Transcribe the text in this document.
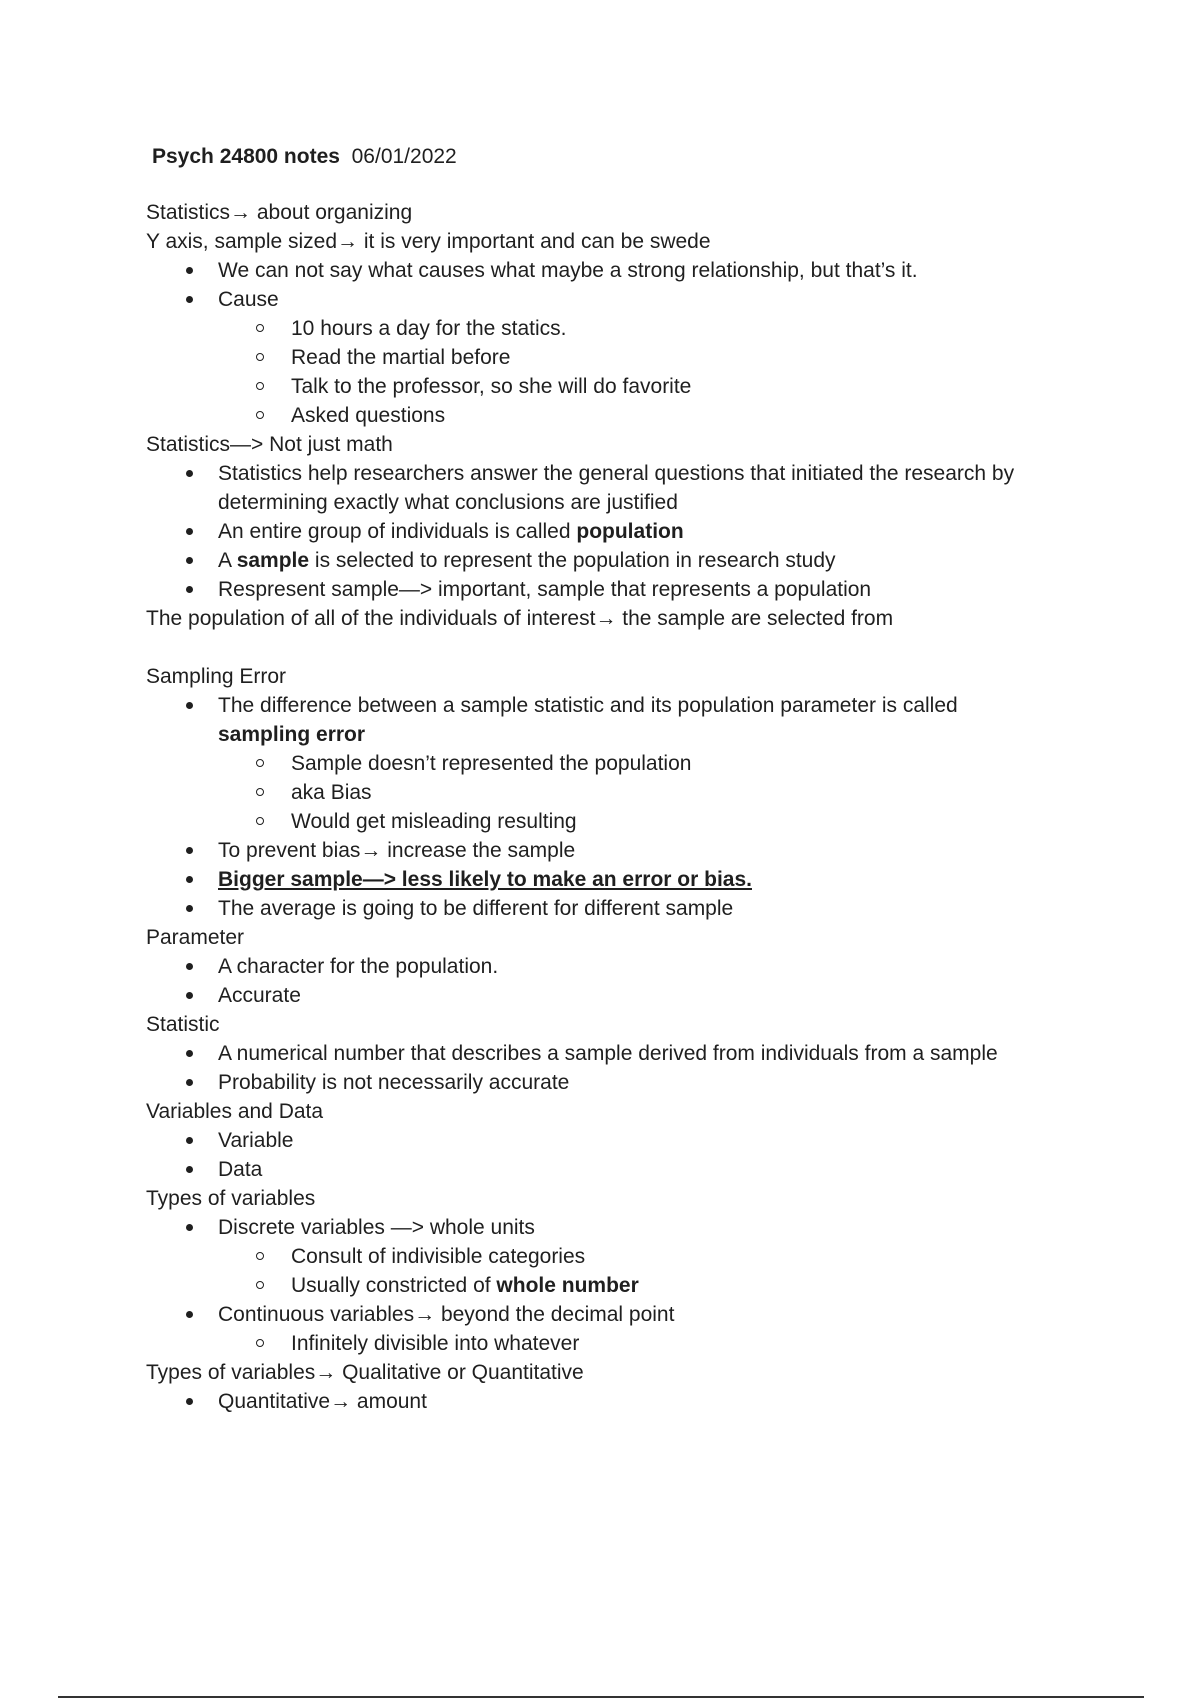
Psych 24800 notes 06/01/2022

Statistics→ about organizing

Y axis, sample sized→ it is very important and can be swede

We can not say what causes what maybe a strong relationship, but that’s it.

Cause

10 hours a day for the statics.

Read the martial before

Talk to the professor, so she will do favorite

Asked questions

Statistics—> Not just math

Statistics help researchers answer the general questions that initiated the research by
determining exactly what conclusions are justified

An entire group of individuals is called population

A sample is selected to represent the population in research study

Respresent sample—> important, sample that represents a population

The population of all of the individuals of interest→ the sample are selected from

Sampling Error

The difference between a sample statistic and its population parameter is called
sampling error

Sample doesn’t represented the population

aka Bias

Would get misleading resulting

To prevent bias→ increase the sample

Bigger sample—> less likely to make an error or bias.

The average is going to be different for different sample

Parameter

A character for the population.

Accurate

Statistic

A numerical number that describes a sample derived from individuals from a sample

Probability is not necessarily accurate

Variables and Data

Variable

Data

Types of variables

Discrete variables —> whole units

Consult of indivisible categories

Usually constricted of whole number

Continuous variables→ beyond the decimal point

Infinitely divisible into whatever

Types of variables→ Qualitative or Quantitative

Quantitative→ amount
